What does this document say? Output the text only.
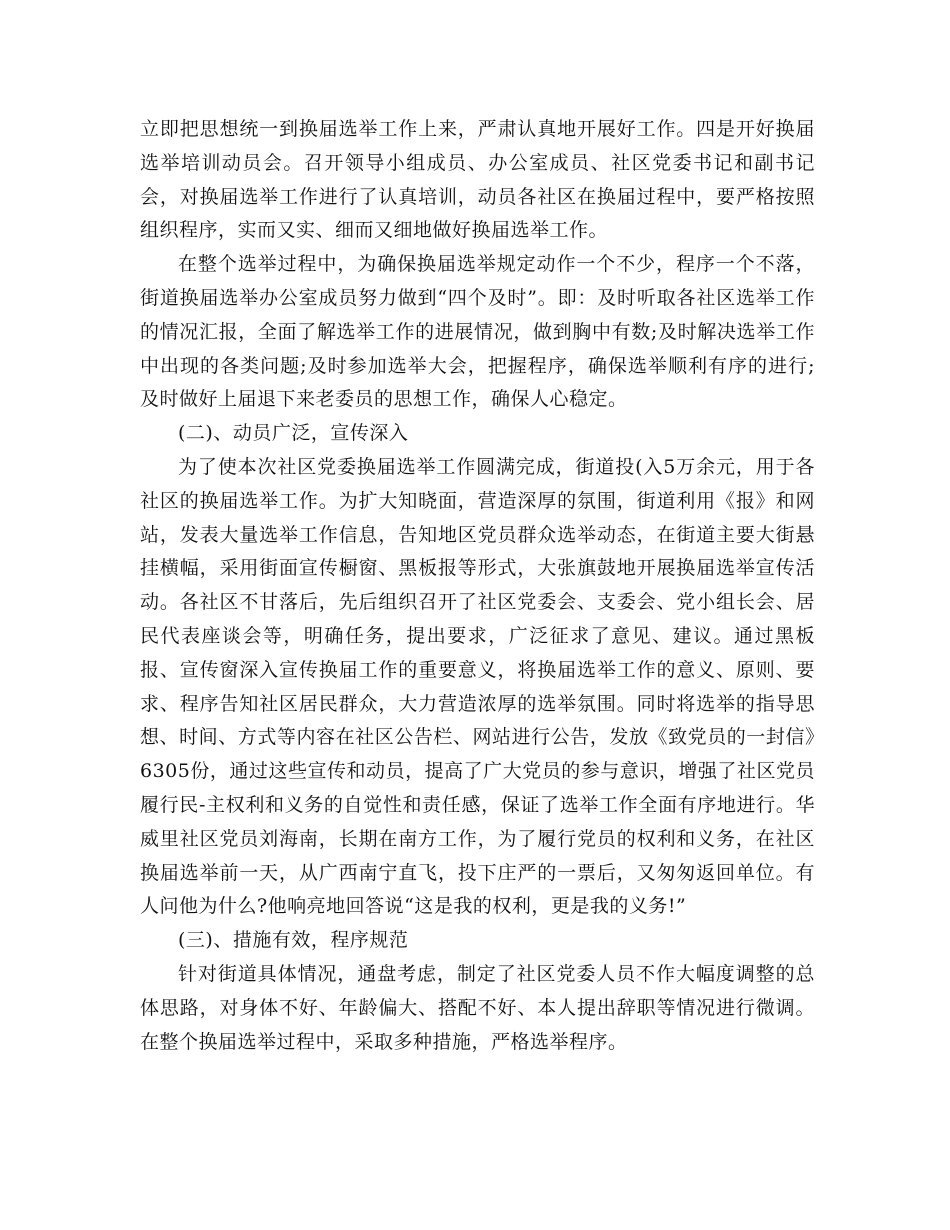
立即把思想统一到换届选举工作上来，严肃认真地开展好工作。四是开好换届选举培训动员会。召开领导小组成员、办公室成员、社区党委书记和副书记会，对换届选举工作进行了认真培训，动员各社区在换届过程中，要严格按照组织程序，实而又实、细而又细地做好换届选举工作。

在整个选举过程中，为确保换届选举规定动作一个不少，程序一个不落，街道换届选举办公室成员努力做到“四个及时”。即：及时听取各社区选举工作的情况汇报，全面了解选举工作的进展情况，做到胸中有数;及时解决选举工作中出现的各类问题;及时参加选举大会，把握程序，确保选举顺利有序的进行;及时做好上届退下来老委员的思想工作，确保人心稳定。

(二)、动员广泛，宣传深入

为了使本次社区党委换届选举工作圆满完成，街道投(入5万余元，用于各社区的换届选举工作。为扩大知晓面，营造深厚的氛围，街道利用《报》和网站，发表大量选举工作信息，告知地区党员群众选举动态，在街道主要大街悬挂横幅，采用街面宣传橱窗、黑板报等形式，大张旗鼓地开展换届选举宣传活动。各社区不甘落后，先后组织召开了社区党委会、支委会、党小组长会、居民代表座谈会等，明确任务，提出要求，广泛征求了意见、建议。通过黑板报、宣传窗深入宣传换届工作的重要意义，将换届选举工作的意义、原则、要求、程序告知社区居民群众，大力营造浓厚的选举氛围。同时将选举的指导思想、时间、方式等内容在社区公告栏、网站进行公告，发放《致党员的一封信》6305份，通过这些宣传和动员，提高了广大党员的参与意识，增强了社区党员履行民-主权利和义务的自觉性和责任感，保证了选举工作全面有序地进行。华威里社区党员刘海南，长期在南方工作，为了履行党员的权利和义务，在社区换届选举前一天，从广西南宁直飞，投下庄严的一票后，又匆匆返回单位。有人问他为什么?他响亮地回答说“这是我的权利，更是我的义务!”

(三)、措施有效，程序规范

针对街道具体情况，通盘考虑，制定了社区党委人员不作大幅度调整的总体思路，对身体不好、年龄偏大、搭配不好、本人提出辞职等情况进行微调。在整个换届选举过程中，采取多种措施，严格选举程序。
